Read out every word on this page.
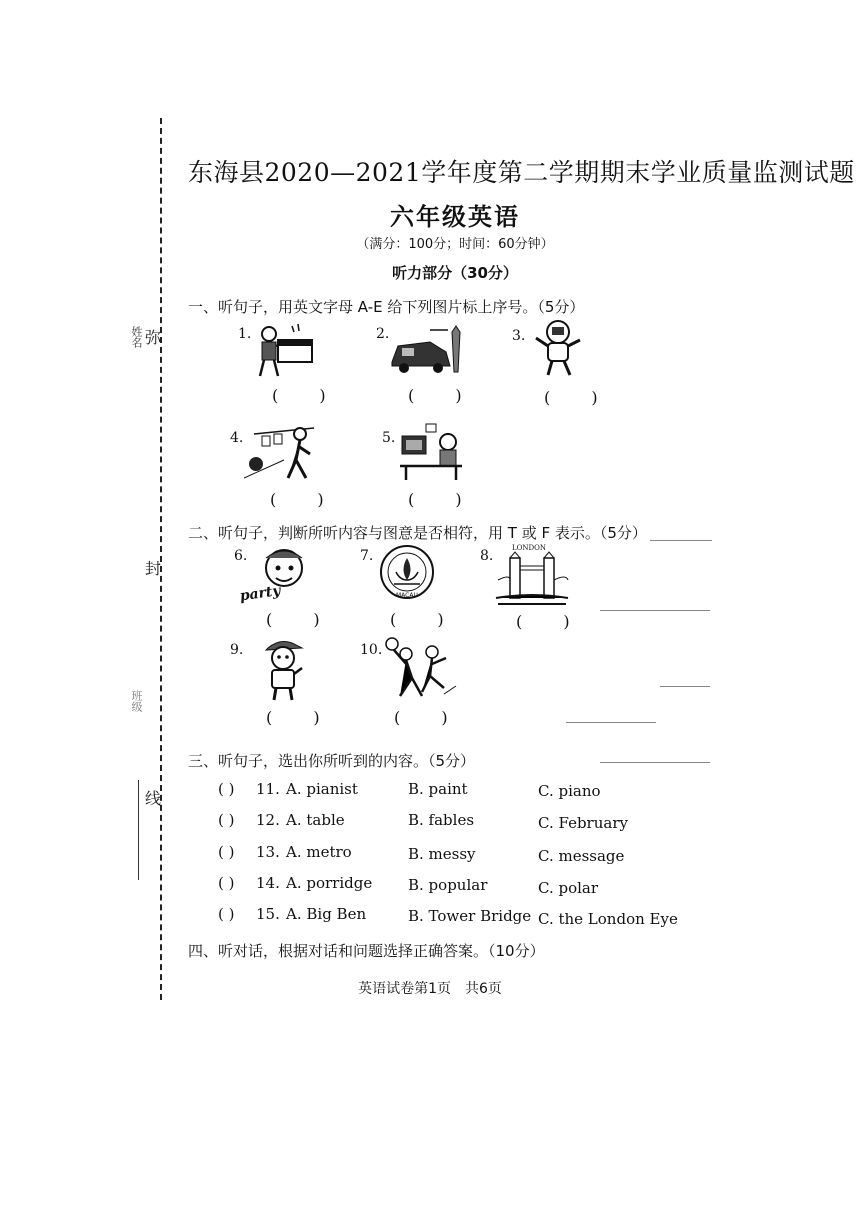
姓名 弥
封
班级
线
东海县2020—2021学年度第二学期期末学业质量监测试题
六年级英语
（满分：100分；时间：60分钟）
听力部分（30分）
一、听句子，用英文字母 A-E 给下列图片标上序号。（5分）
1.
( )
2.
( )
3.
( )
4.
( )
5.
( )
二、听句子，判断所听内容与图意是否相符，用 T 或 F 表示。（5分）
6.
party
( )
7.
MACAU
( )
8.	LONDON
( )
9.
( )
10.
( )
三、听句子，选出你所听到的内容。（5分）
( ) 11. A. pianist	B. paint	C. piano
( ) 12. A. table	B. fables	C. February
( ) 13. A. metro	B. messy	C. message
( ) 14. A. porridge B. popular	C. polar
( ) 15. A. Big Ben	B. Tower Bridge C. the London Eye
四、听对话，根据对话和问题选择正确答案。（10分）
英语试卷第1页　共6页
